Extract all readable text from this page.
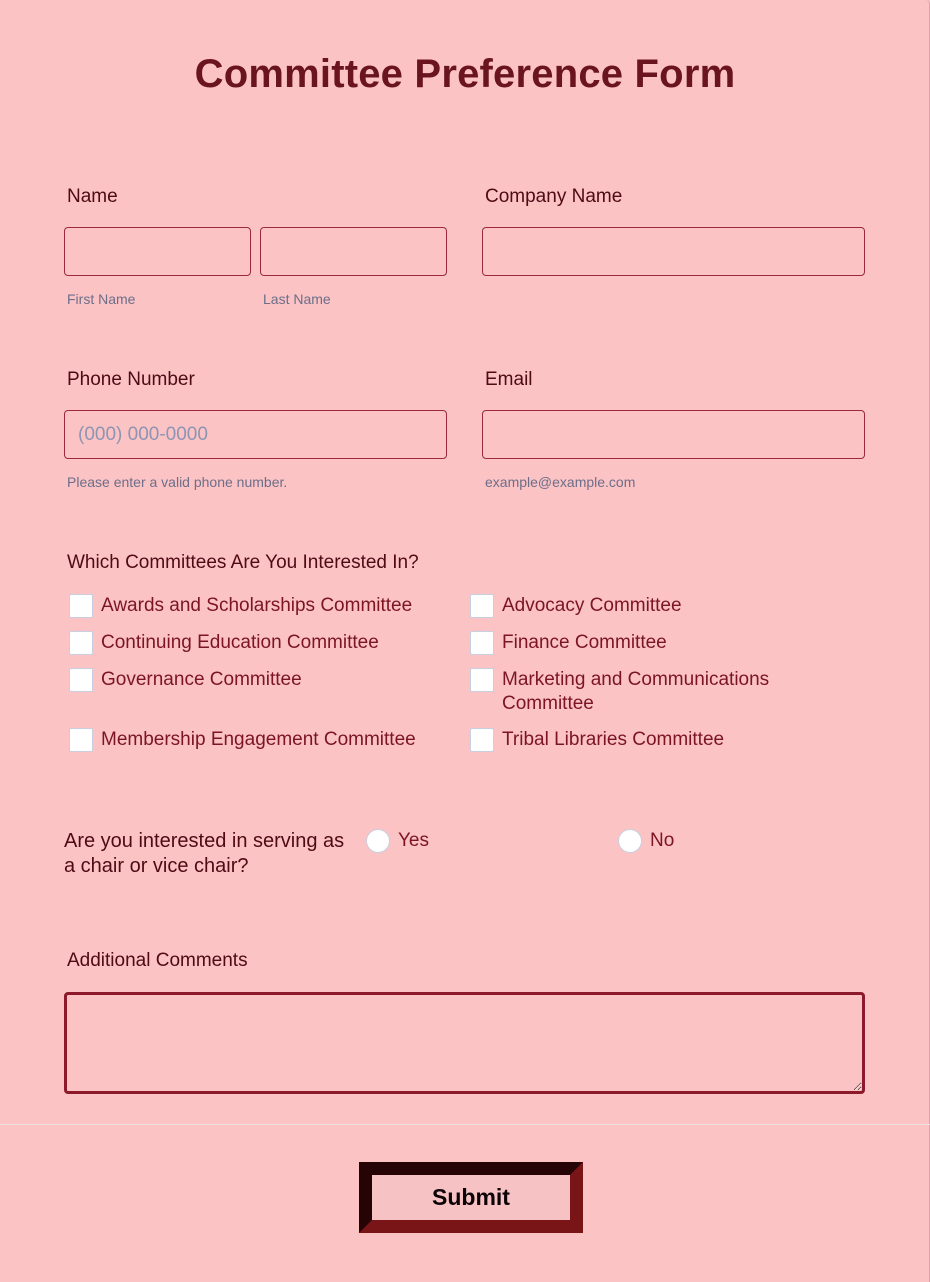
Committee Preference Form
Name
First Name	Last Name
Company Name
Phone Number
(000) 000-0000
Please enter a valid phone number.
Email
example@example.com
Which Committees Are You Interested In?
Awards and Scholarships Committee	Advocacy Committee
Continuing Education Committee	Finance Committee
Governance Committee	Marketing and Communications Committee
Membership Engagement Committee	Tribal Libraries Committee
Are you interested in serving as a chair or vice chair?
Yes	No
Additional Comments
Submit
